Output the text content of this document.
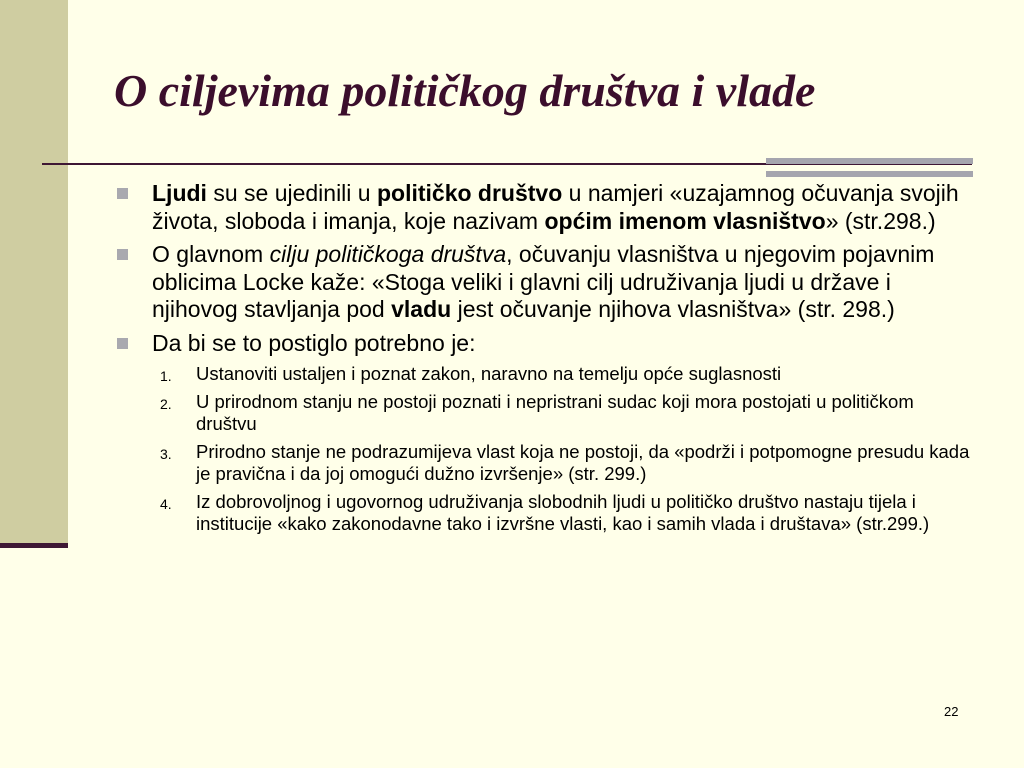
O ciljevima političkog društva i vlade
Ljudi su se ujedinili u političko društvo u namjeri «uzajamnog očuvanja svojih života, sloboda i imanja, koje nazivam općim imenom vlasništvo» (str.298.)
O glavnom cilju političkoga društva, očuvanju vlasništva u njegovim pojavnim oblicima Locke kaže: «Stoga veliki i glavni cilj udruživanja ljudi u države i njihovog stavljanja pod vladu jest očuvanje njihova vlasništva» (str. 298.)
Da bi se to postiglo potrebno je:
1. Ustanoviti ustaljen i poznat zakon, naravno na temelju opće suglasnosti
2. U prirodnom stanju ne postoji poznati i nepristrani sudac koji mora postojati u političkom društvu
3. Prirodno stanje ne podrazumijeva vlast koja ne postoji, da «podrži i potpomogne presudu kada je pravična i da joj omogući dužno izvršenje» (str. 299.)
4. Iz dobrovoljnog i ugovornog udruživanja slobodnih ljudi u političko društvo nastaju tijela i institucije «kako zakonodavne tako i izvršne vlasti, kao i samih vlada i društava» (str.299.)
22
